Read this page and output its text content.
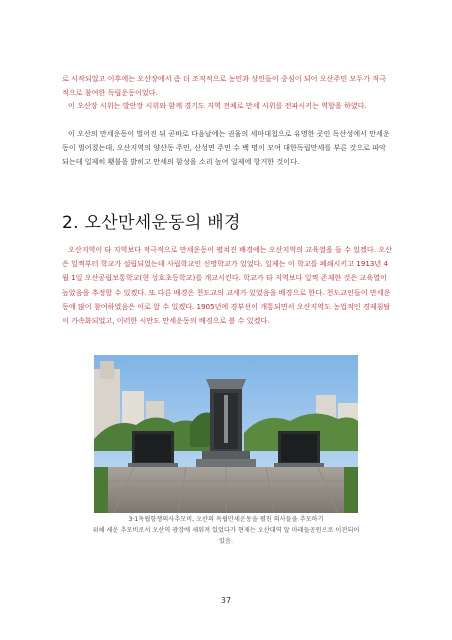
로 시작되었고 이후에는 오산장에서 좀 더 조직적으로 농민과 상인들이 중심이 되어 오산주민 모두가 적극적으로 참여한 독립운동이었다.

이 오산장 시위는 발안장 시위와 함께 경기도 지역 전체로 만세 시위를 전파시키는 역할을 하였다.

이 오산의 만세운동이 벌어진 뒤 곧바로 다음날에는 권율의 세마대첩으로 유명한 곳인 독산성에서 만세운동이 벌어졌는데, 오산지역의 양산동 주민, 산성면 주민 수 백 명이 모여 대한독립만세를 부른 것으로 파악되는데 일제히 횃불을 밝히고 만세의 함성을 소리 높여 일제에 항거한 것이다.

2. 오산만세운동의 배경

오산지역이 타 지역보다 적극적으로 만세운동이 펼쳐진 배경에는 오산지역의 교육열을 들 수 있겠다. 오산은 일찍부터 학교가 설립되었는데 사립학교인 신명학교가 있었다. 일제는 이 학교를 폐쇄시키고 1913년 4월 1일 오산공립보통학교(현 성호초등학교)를 개교시킨다. 학교가 타 지역보다 일찍 존재한 것은 교육열이 높았음을 추정할 수 있겠다. 또 다른 배경은 천도교의 교세가 있었음을 배경으로 한다. 천도교인들이 만세운동에 많이 참여하였음은 이로 알 수 있겠다. 1905년에 경부선이 개통되면서 오산지역도 농업적인 경제침탈이 가속화되었고, 이러한 시안도 만세운동의 배경으로 볼 수 있겠다.

3·1독립항쟁의사추모비, 오산의 독립만세운동을 펼친 의사들을 추모하기
위해 세운 추모비로서 오산역 광장에 세워져 있었다가 현재는 오산대역 앞 마래들공원으로 이전되어
있음.
37
